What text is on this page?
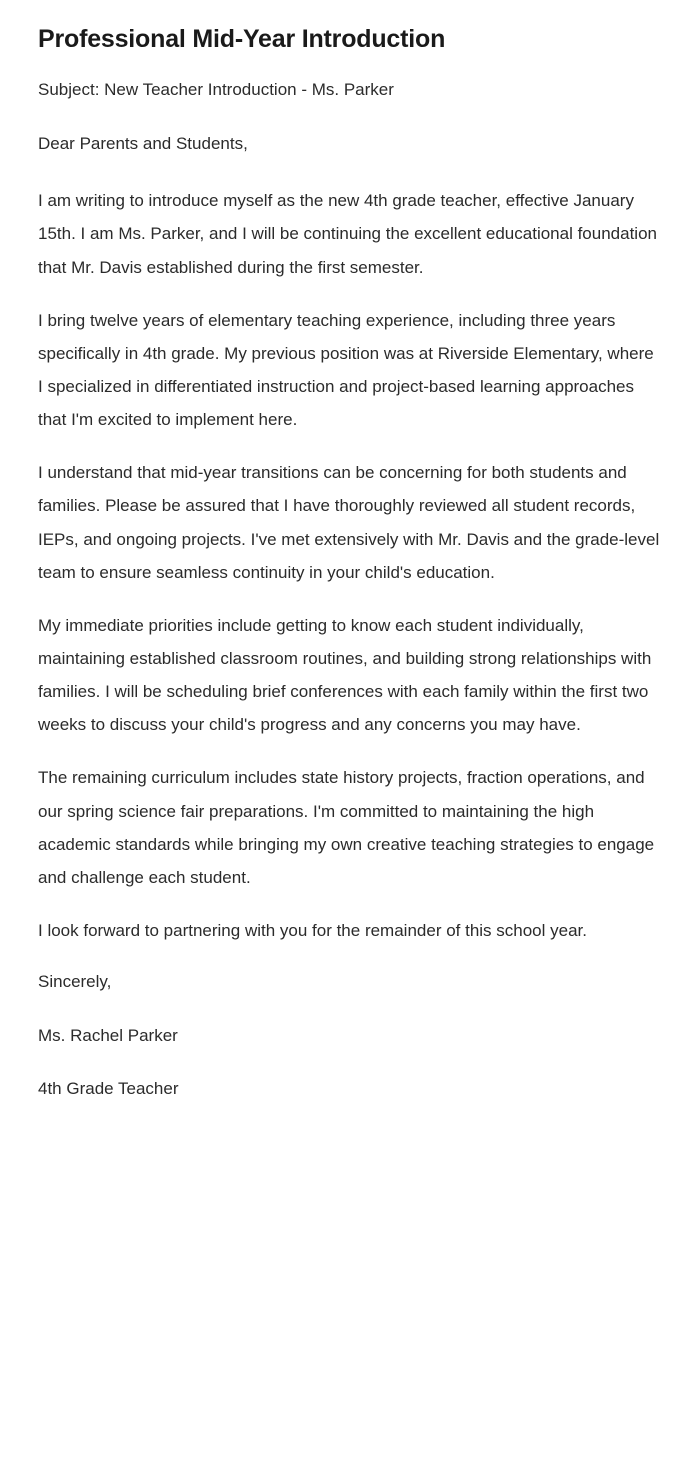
Professional Mid-Year Introduction

Subject: New Teacher Introduction - Ms. Parker

Dear Parents and Students,

I am writing to introduce myself as the new 4th grade teacher, effective January 15th. I am Ms. Parker, and I will be continuing the excellent educational foundation that Mr. Davis established during the first semester.

I bring twelve years of elementary teaching experience, including three years specifically in 4th grade. My previous position was at Riverside Elementary, where I specialized in differentiated instruction and project-based learning approaches that I'm excited to implement here.

I understand that mid-year transitions can be concerning for both students and families. Please be assured that I have thoroughly reviewed all student records, IEPs, and ongoing projects. I've met extensively with Mr. Davis and the grade-level team to ensure seamless continuity in your child's education.

My immediate priorities include getting to know each student individually, maintaining established classroom routines, and building strong relationships with families. I will be scheduling brief conferences with each family within the first two weeks to discuss your child's progress and any concerns you may have.

The remaining curriculum includes state history projects, fraction operations, and our spring science fair preparations. I'm committed to maintaining the high academic standards while bringing my own creative teaching strategies to engage and challenge each student.

I look forward to partnering with you for the remainder of this school year.

Sincerely,

Ms. Rachel Parker

4th Grade Teacher
